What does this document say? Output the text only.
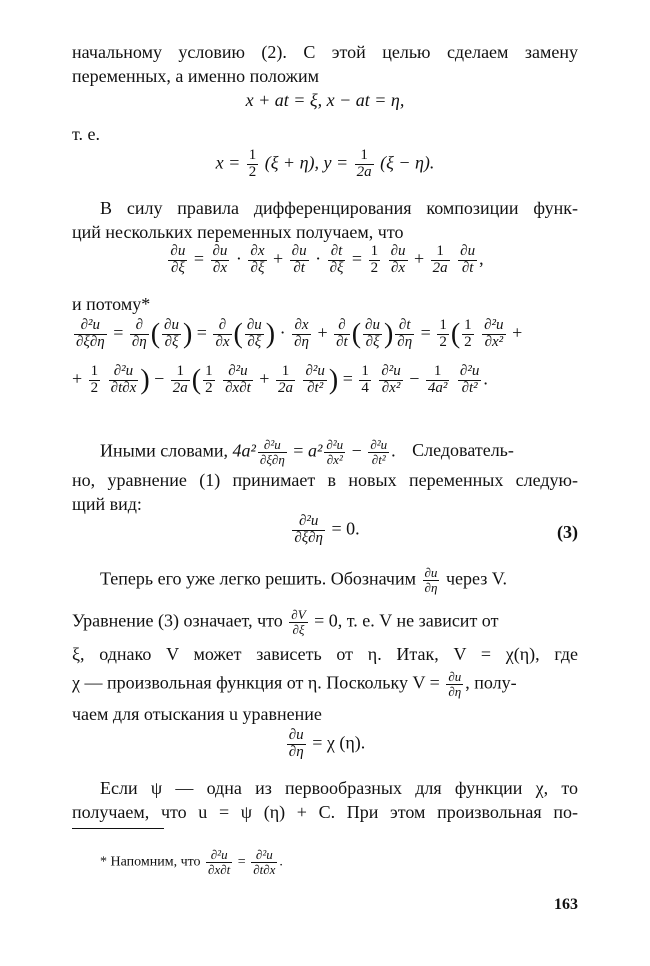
начальному условию (2). С этой целью сделаем замену
переменных, а именно положим
x + at = ξ, x − at = η,
т. е.
$x = \frac{1}{2} (\xi + \eta)$, $y = \frac{1}{2a} (\xi - \eta)$.
В силу правила дифференцирования композиции функ-
ций нескольких переменных получаем, что
$\frac{\partial u}{\partial\xi} = \frac{\partial u}{\partial x} \cdot \frac{\partial x}{\partial\xi} + \frac{\partial u}{\partial t} \cdot \frac{\partial t}{\partial\xi} = \frac{1}{2}$
$\frac{\partial u}{\partial x} + \frac{1}{2a}$
$\frac{\partial u}{\partial t}$ ,
и потому*
$\frac{\text{∂²u}}{\partial\xi\partial\eta} = \frac{\partial}{\partial\eta}$ ( $\frac{\partial u}{\partial\xi}$ ) = $\frac{\partial}{\partial x}$ ( $\frac{\partial u}{\partial\xi}$ ) · $\frac{\partial x}{\partial\eta} + \frac{\partial}{\partial t}$ ( $\frac{\partial u}{\partial\xi}$ ) $\frac{\partial t}{\partial\eta} = \frac{1}{2}$ ( $\frac{1}{2}$
$\frac{\text{∂²u}}{\text{∂x²}}$ +
+ $\frac{1}{2}$
$\frac{\text{∂²u}}{\partial t\partial x}$ ) − $\frac{1}{2a}$ ( $\frac{1}{2}$
$\frac{\text{∂²u}}{\partial x\partial t} + \frac{1}{2a}$
$\frac{\text{∂²u}}{\text{∂t²}}$ ) = $\frac{1}{4}$
$\frac{\text{∂²u}}{\text{∂x²}} - \frac{1}{\text{4a²}}$
$\frac{\text{∂²u}}{\text{∂t²}}$ .
Иными словами, $4a^2 \frac{\text{∂²u}}{\partial\xi\partial\eta} = a^2 \frac{\text{∂²u}}{\text{∂x²}} - \frac{\text{∂²u}}{\text{∂t²}}$ . Следователь-
но, уравнение (1) принимает в новых переменных следую-
щий вид:
$\frac{\text{∂²u}}{\partial\xi\partial\eta} = 0$.	(3)
Теперь его уже легко решить. Обозначим $\frac{\partial u}{\partial\eta}$ через V.
Уравнение (3) означает, что $\frac{\partial V}{\partial\xi} = 0$, т. е. V не зависит от
ξ, однако V может зависеть от η. Итак, V = χ(η), где
χ — произвольная функция от η. Поскольку $V = \frac{\partial u}{\partial\eta}$ , полу-
чаем для отыскания u уравнение
$\frac{\partial u}{\partial\eta} = \chi$ (η).
Если ψ — одна из первообразных для функции χ, то
получаем, что u = ψ (η) + C. При этом произвольная по-
* Напомним, что $\frac{\text{∂²u}}{\partial x\partial t} = \frac{\text{∂²u}}{\partial t\partial x}$ .
163
